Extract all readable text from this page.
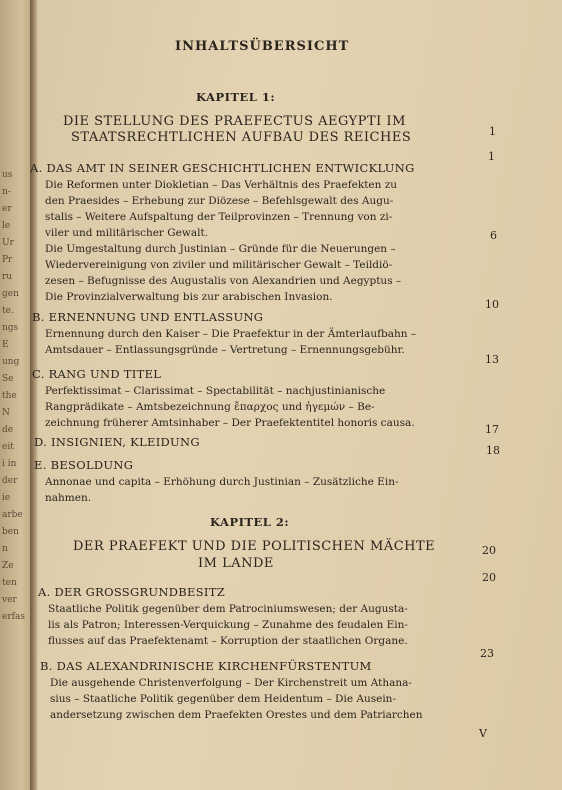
us
n-
er
le
Ur
Pr
ru
gen
te.
ngs
E
ung
Se
the
N
de
eit
i in
der
ie
arbe
ben
n
Ze
ten
ver
erfas
INHALTSÜBERSICHT
KAPITEL 1:
DIE STELLUNG DES PRAEFECTUS AEGYPTI IM
STAATSRECHTLICHEN AUFBAU DES REICHES	1
A. DAS AMT IN SEINER GESCHICHTLICHEN ENTWICKLUNG
1
Die Reformen unter Diokletian – Das Verhältnis des Praefekten zu
den Praesides – Erhebung zur Diözese – Befehlsgewalt des Augu-
stalis – Weitere Aufspaltung der Teilprovinzen – Trennung von zi-
viler und militärischer Gewalt.	6
Die Umgestaltung durch Justinian – Gründe für die Neuerungen –
Wiedervereinigung von ziviler und militärischer Gewalt – Teildiö-
zesen – Befugnisse des Augustalis von Alexandrien und Aegyptus –
Die Provinzialverwaltung bis zur arabischen Invasion.
B. ERNENNUNG UND ENTLASSUNG
10
Ernennung durch den Kaiser – Die Praefektur in der Ämterlaufbahn –
Amtsdauer – Entlassungsgründe – Vertretung – Ernennungsgebühr.
C. RANG UND TITEL
13
Perfektissimat – Clarissimat – Spectabilität – nachjustinianische
Rangprädikate – Amtsbezeichnung ἔπαρχος und ἡγεμών – Be-
zeichnung früherer Amtsinhaber – Der Praefektentitel honoris causa.
D. INSIGNIEN, KLEIDUNG
17
E. BESOLDUNG
18
Annonae und capita – Erhöhung durch Justinian – Zusätzliche Ein-
nahmen.
KAPITEL 2:
DER PRAEFEKT UND DIE POLITISCHEN MÄCHTE
IM LANDE
20
A. DER GROSSGRUNDBESITZ
20
Staatliche Politik gegenüber dem Patrociniumswesen; der Augusta-
lis als Patron; Interessen-Verquickung – Zunahme des feudalen Ein-
flusses auf das Praefektenamt – Korruption der staatlichen Organe.
B. DAS ALEXANDRINISCHE KIRCHENFÜRSTENTUM
23
Die ausgehende Christenverfolgung – Der Kirchenstreit um Athana-
sius – Staatliche Politik gegenüber dem Heidentum – Die Ausein-
andersetzung zwischen dem Praefekten Orestes und dem Patriarchen
V
